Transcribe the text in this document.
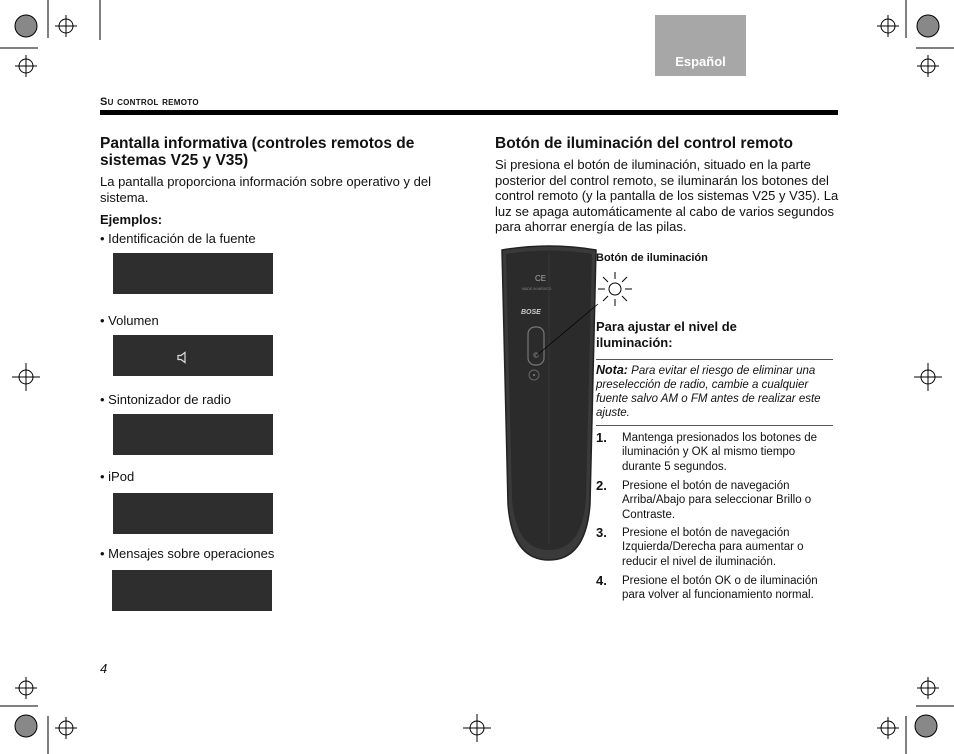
Español
Su control remoto
Pantalla informativa (controles remotos de sistemas V25 y V35)
La pantalla proporciona información sobre operativo y del sistema.
Ejemplos:
• Identificación de la fuente
• Volumen
• Sintonizador de radio
• iPod
• Mensajes sobre operaciones
Botón de iluminación del control remoto
Si presiona el botón de iluminación, situado en la parte posterior del control remoto, se iluminarán los botones del control remoto (y la pantalla de los sistemas V25 y V35). La luz se apaga automáticamente al cabo de varios segundos para ahorrar energía de las pilas.
CE
MADE IN MEXICO
BOSE
Botón de iluminación
Para ajustar el nivel de iluminación:
Nota: Para evitar el riesgo de eliminar una preselección de radio, cambie a cualquier fuente salvo AM o FM antes de realizar este ajuste.
1. Mantenga presionados los botones de iluminación y OK al mismo tiempo durante 5 segundos.
2. Presione el botón de navegación Arriba/Abajo para seleccionar Brillo o Contraste.
3. Presione el botón de navegación Izquierda/Derecha para aumentar o reducir el nivel de iluminación.
4. Presione el botón OK o de iluminación para volver al funcionamiento normal.
4
